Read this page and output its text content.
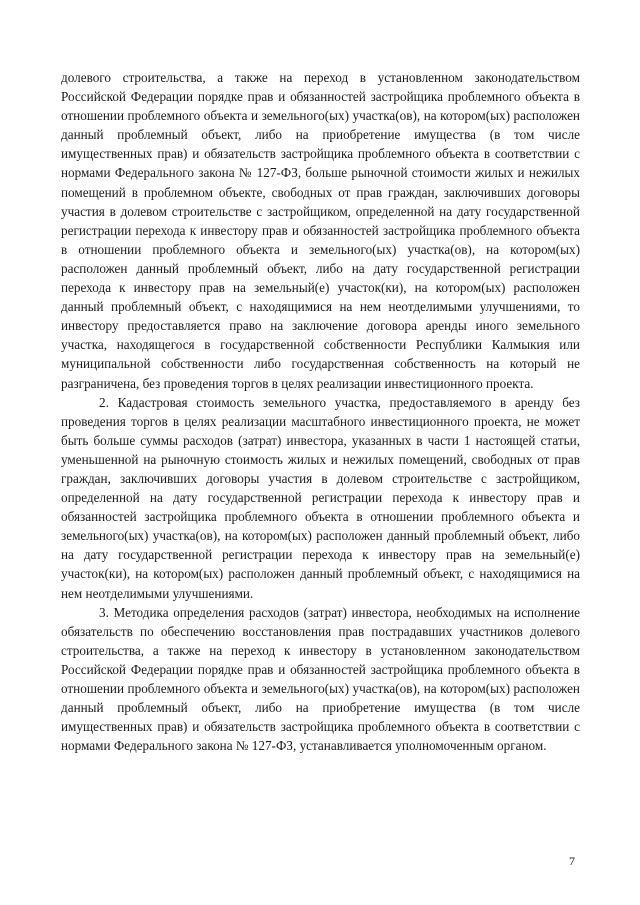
долевого строительства, а также на переход в установленном законодательством Российской Федерации порядке прав и обязанностей застройщика проблемного объекта в отношении проблемного объекта и земельного(ых) участка(ов), на котором(ых) расположен данный проблемный объект, либо на приобретение имущества (в том числе имущественных прав) и обязательств застройщика проблемного объекта в соответствии с нормами Федерального закона № 127-ФЗ, больше рыночной стоимости жилых и нежилых помещений в проблемном объекте, свободных от прав граждан, заключивших договоры участия в долевом строительстве с застройщиком, определенной на дату государственной регистрации перехода к инвестору прав и обязанностей застройщика проблемного объекта в отношении проблемного объекта и земельного(ых) участка(ов), на котором(ых) расположен данный проблемный объект, либо на дату государственной регистрации перехода к инвестору прав на земельный(е) участок(ки), на котором(ых) расположен данный проблемный объект, с находящимися на нем неотделимыми улучшениями, то инвестору предоставляется право на заключение договора аренды иного земельного участка, находящегося в государственной собственности Республики Калмыкия или муниципальной собственности либо государственная собственность на который не разграничена, без проведения торгов в целях реализации инвестиционного проекта.

2. Кадастровая стоимость земельного участка, предоставляемого в аренду без проведения торгов в целях реализации масштабного инвестиционного проекта, не может быть больше суммы расходов (затрат) инвестора, указанных в части 1 настоящей статьи, уменьшенной на рыночную стоимость жилых и нежилых помещений, свободных от прав граждан, заключивших договоры участия в долевом строительстве с застройщиком, определенной на дату государственной регистрации перехода к инвестору прав и обязанностей застройщика проблемного объекта в отношении проблемного объекта и земельного(ых) участка(ов), на котором(ых) расположен данный проблемный объект, либо на дату государственной регистрации перехода к инвестору прав на земельный(е) участок(ки), на котором(ых) расположен данный проблемный объект, с находящимися на нем неотделимыми улучшениями.

3. Методика определения расходов (затрат) инвестора, необходимых на исполнение обязательств по обеспечению восстановления прав пострадавших участников долевого строительства, а также на переход к инвестору в установленном законодательством Российской Федерации порядке прав и обязанностей застройщика проблемного объекта в отношении проблемного объекта и земельного(ых) участка(ов), на котором(ых) расположен данный проблемный объект, либо на приобретение имущества (в том числе имущественных прав) и обязательств застройщика проблемного объекта в соответствии с нормами Федерального закона № 127-ФЗ, устанавливается уполномоченным органом.

7
